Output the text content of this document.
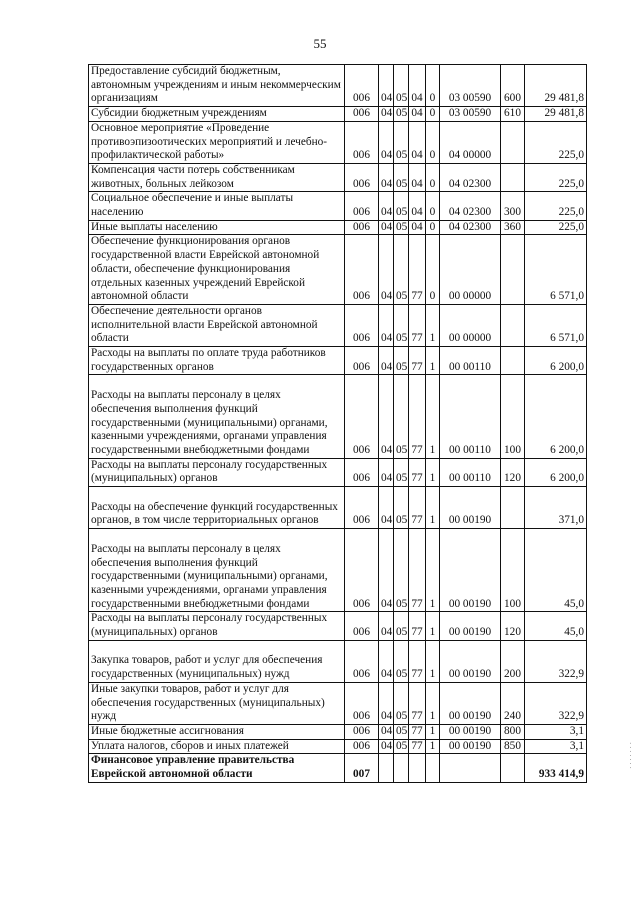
55
Предоставление субсидий бюджетным, автономным учреждениям и иным некоммерческим организациям	006	04	05	04	0	03 00590	600	29 481,8
Субсидии бюджетным учреждениям	006	04	05	04	0	03 00590	610	29 481,8
Основное мероприятие «Проведение противоэпизоотических мероприятий и лечебно-профилактической работы»	006	04	05	04	0	04 00000		225,0
Компенсация части потерь собственникам животных, больных лейкозом	006	04	05	04	0	04 02300		225,0
Социальное обеспечение и иные выплаты населению	006	04	05	04	0	04 02300	300	225,0
Иные выплаты населению	006	04	05	04	0	04 02300	360	225,0
Обеспечение функционирования органов государственной власти Еврейской автономной области, обеспечение функционирования отдельных казенных учреждений Еврейской автономной области	006	04	05	77	0	00 00000		6 571,0
Обеспечение деятельности органов исполнительной власти Еврейской автономной области	006	04	05	77	1	00 00000		6 571,0
Расходы на выплаты по оплате труда работников государственных органов	006	04	05	77	1	00 00110		6 200,0
Расходы на выплаты персоналу в целях обеспечения выполнения функций государственными (муниципальными) органами, казенными учреждениями, органами управления государственными внебюджетными фондами	006	04	05	77	1	00 00110	100	6 200,0
Расходы на выплаты персоналу государственных (муниципальных) органов	006	04	05	77	1	00 00110	120	6 200,0
Расходы на обеспечение функций государственных органов, в том числе территориальных органов	006	04	05	77	1	00 00190		371,0
Расходы на выплаты персоналу в целях обеспечения выполнения функций государственными (муниципальными) органами, казенными учреждениями, органами управления государственными внебюджетными фондами	006	04	05	77	1	00 00190	100	45,0
Расходы на выплаты персоналу государственных (муниципальных) органов	006	04	05	77	1	00 00190	120	45,0
Закупка товаров, работ и услуг для обеспечения государственных (муниципальных) нужд	006	04	05	77	1	00 00190	200	322,9
Иные закупки товаров, работ и услуг для обеспечения государственных (муниципальных) нужд	006	04	05	77	1	00 00190	240	322,9
Иные бюджетные ассигнования	006	04	05	77	1	00 00190	800	3,1
Уплата налогов, сборов и иных платежей	006	04	05	77	1	00 00190	850	3,1
Финансовое управление правительства Еврейской автономной области	007							933 414,9
· · · · · · ·
